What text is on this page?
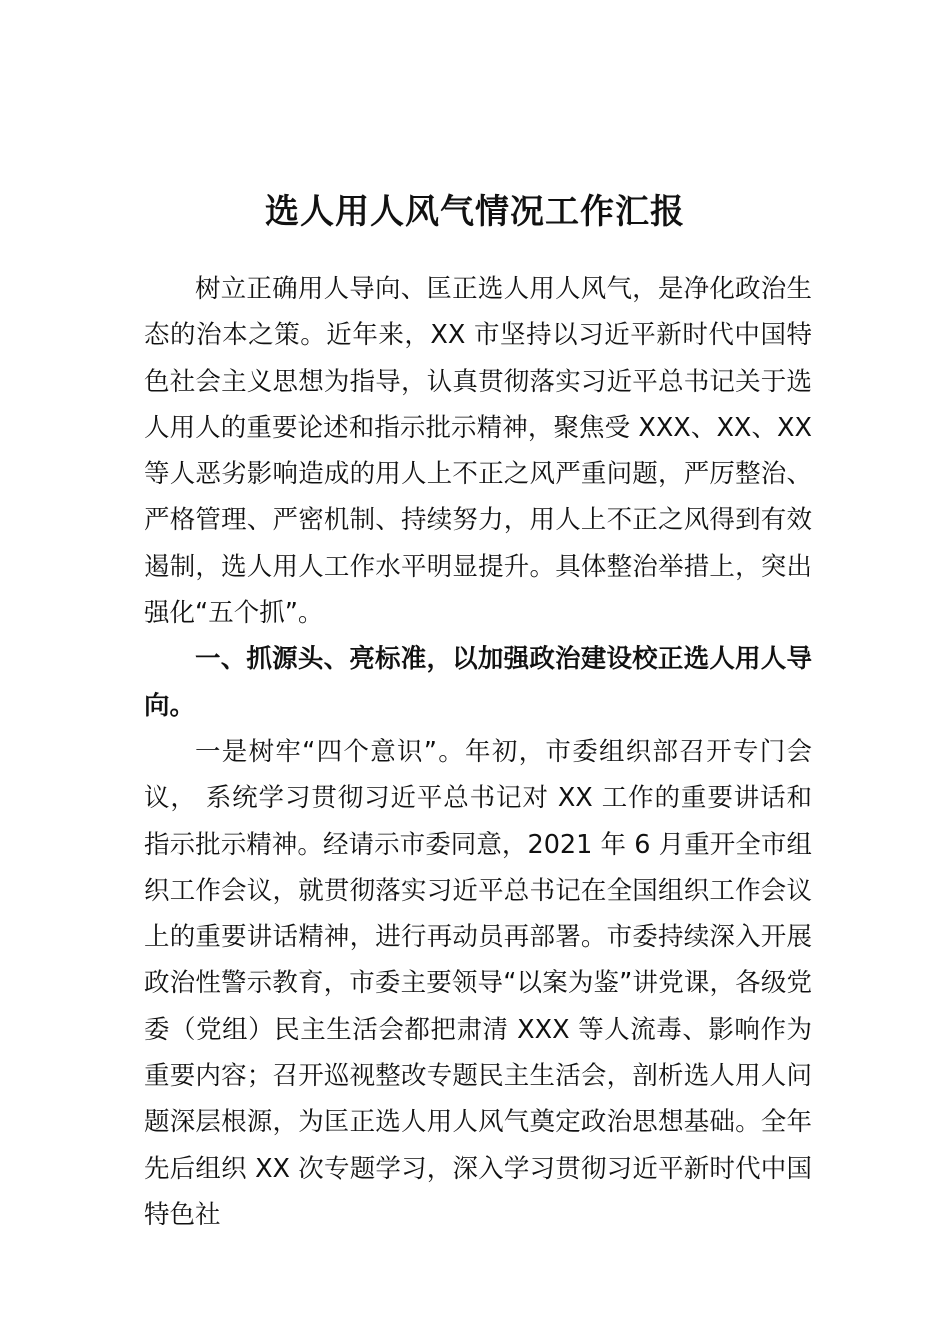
选人用人风气情况工作汇报

树立正确用人导向、匡正选人用人风气，是净化政治生态的治本之策。近年来，XX 市坚持以习近平新时代中国特色社会主义思想为指导，认真贯彻落实习近平总书记关于选人用人的重要论述和指示批示精神，聚焦受 XXX、XX、XX 等人恶劣影响造成的用人上不正之风严重问题，严厉整治、严格管理、严密机制、持续努力，用人上不正之风得到有效遏制，选人用人工作水平明显提升。具体整治举措上，突出强化“五个抓”。

一、抓源头、亮标准，以加强政治建设校正选人用人导向。

一是树牢“四个意识”。年初，市委组织部召开专门会议， 系统学习贯彻习近平总书记对 XX 工作的重要讲话和指示批示精神。经请示市委同意，2021 年 6 月重开全市组织工作会议，就贯彻落实习近平总书记在全国组织工作会议上的重要讲话精神，进行再动员再部署。市委持续深入开展政治性警示教育，市委主要领导“以案为鉴”讲党课，各级党委（党组）民主生活会都把肃清 XXX 等人流毒、影响作为重要内容；召开巡视整改专题民主生活会，剖析选人用人问题深层根源，为匡正选人用人风气奠定政治思想基础。全年先后组织 XX 次专题学习，深入学习贯彻习近平新时代中国特色社
